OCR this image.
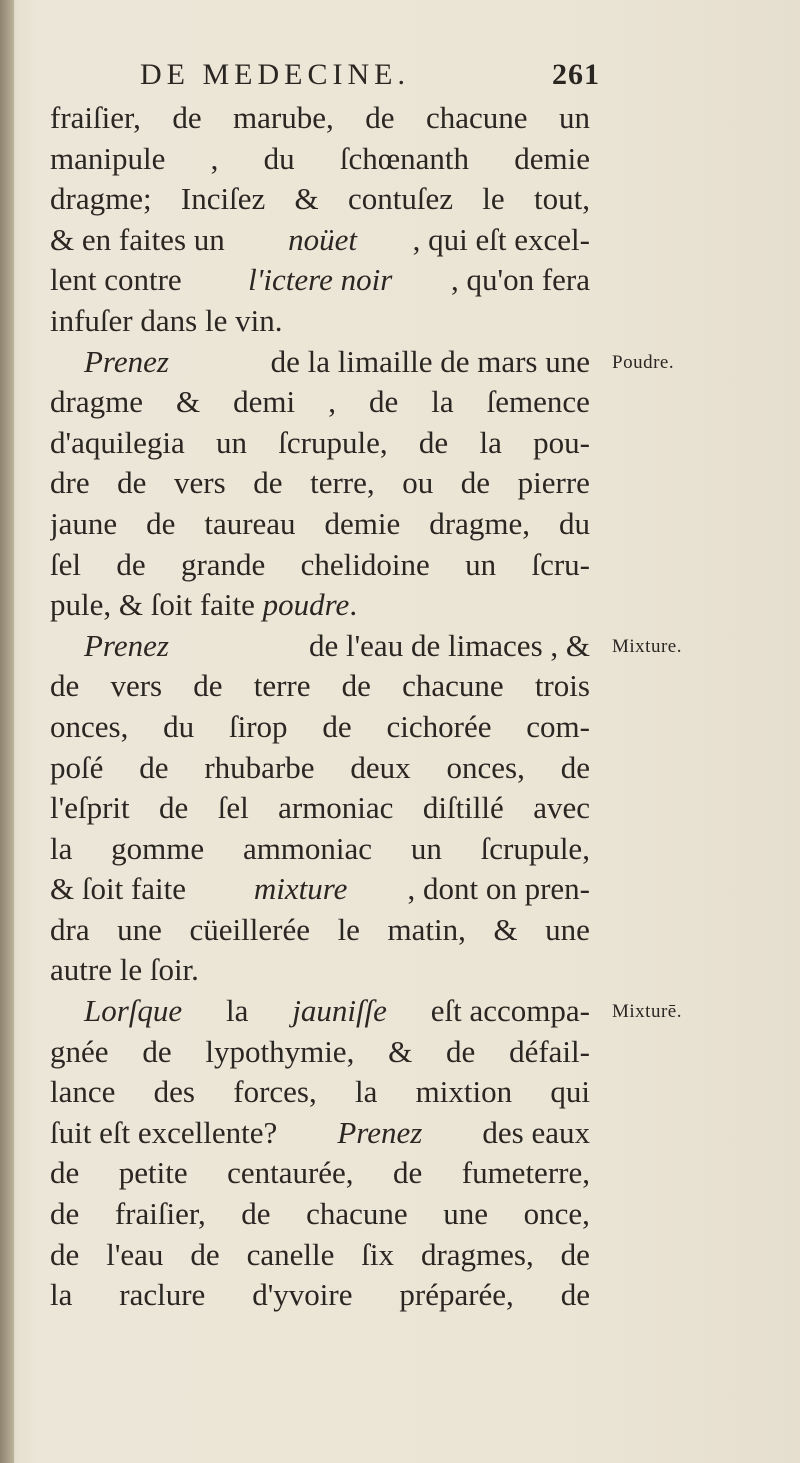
DE MEDECINE.	261
fraiſier, de marube, de chacune un
manipule , du ſchœnanth demie
dragme; Inciſez & contuſez le tout,
& en faites un noüet , qui eſt excel-
lent contre l'ictere noir , qu'on fera
infuſer dans le vin.
Prenez	de la limaille de mars une
dragme & demi , de la ſemence
d'aquilegia un ſcrupule, de la pou-
dre de vers de terre, ou de pierre
jaune de taureau demie dragme, du
ſel de grande chelidoine un ſcru-
pule, & ſoit faite poudre .
Prenez	de l'eau de limaces , &
de vers de terre de chacune trois
onces, du ſirop de cichorée com-
poſé de rhubarbe deux onces, de
l'eſprit de ſel armoniac diſtillé avec
la gomme ammoniac un ſcrupule,
& ſoit faite mixture , dont on pren-
dra une cüeillerée le matin, & une
autre le ſoir.
Lorſque la jauniſſe eſt accompa-
gnée de lypothymie, & de défail-
lance des forces, la mixtion qui
ſuit eſt excellente? Prenez des eaux
de petite centaurée, de fumeterre,
de fraiſier, de chacune une once,
de l'eau de canelle ſix dragmes, de
la raclure d'yvoire préparée, de
Poudre.
Mixture.
Mixturē.
